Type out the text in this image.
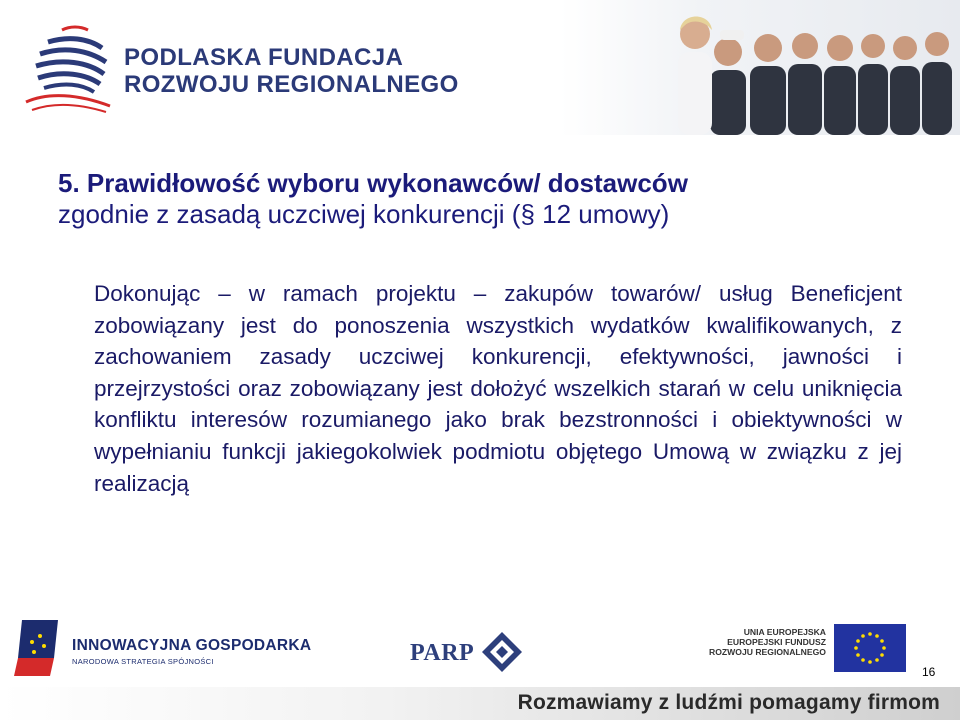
PODLASKA FUNDACJA
ROZWOJU REGIONALNEGO
5. Prawidłowość wyboru wykonawców/ dostawców
zgodnie z zasadą uczciwej konkurencji (§ 12 umowy)
Dokonując – w ramach projektu – zakupów towarów/ usług Beneficjent zobowiązany jest do ponoszenia wszystkich wydatków kwalifikowanych, z zachowaniem zasady uczciwej konkurencji, efektywności, jawności i przejrzystości oraz zobowiązany jest dołożyć wszelkich starań w celu uniknięcia konfliktu interesów rozumianego jako brak bezstronności i obiektywności w wypełnianiu funkcji jakiegokolwiek podmiotu objętego Umową w związku z jej realizacją
INNOWACYJNA GOSPODARKA
NARODOWA STRATEGIA SPÓJNOŚCI	PARP
UNIA EUROPEJSKA
EUROPEJSKI FUNDUSZ
ROZWOJU REGIONALNEGO
16
Rozmawiamy z ludźmi pomagamy firmom
